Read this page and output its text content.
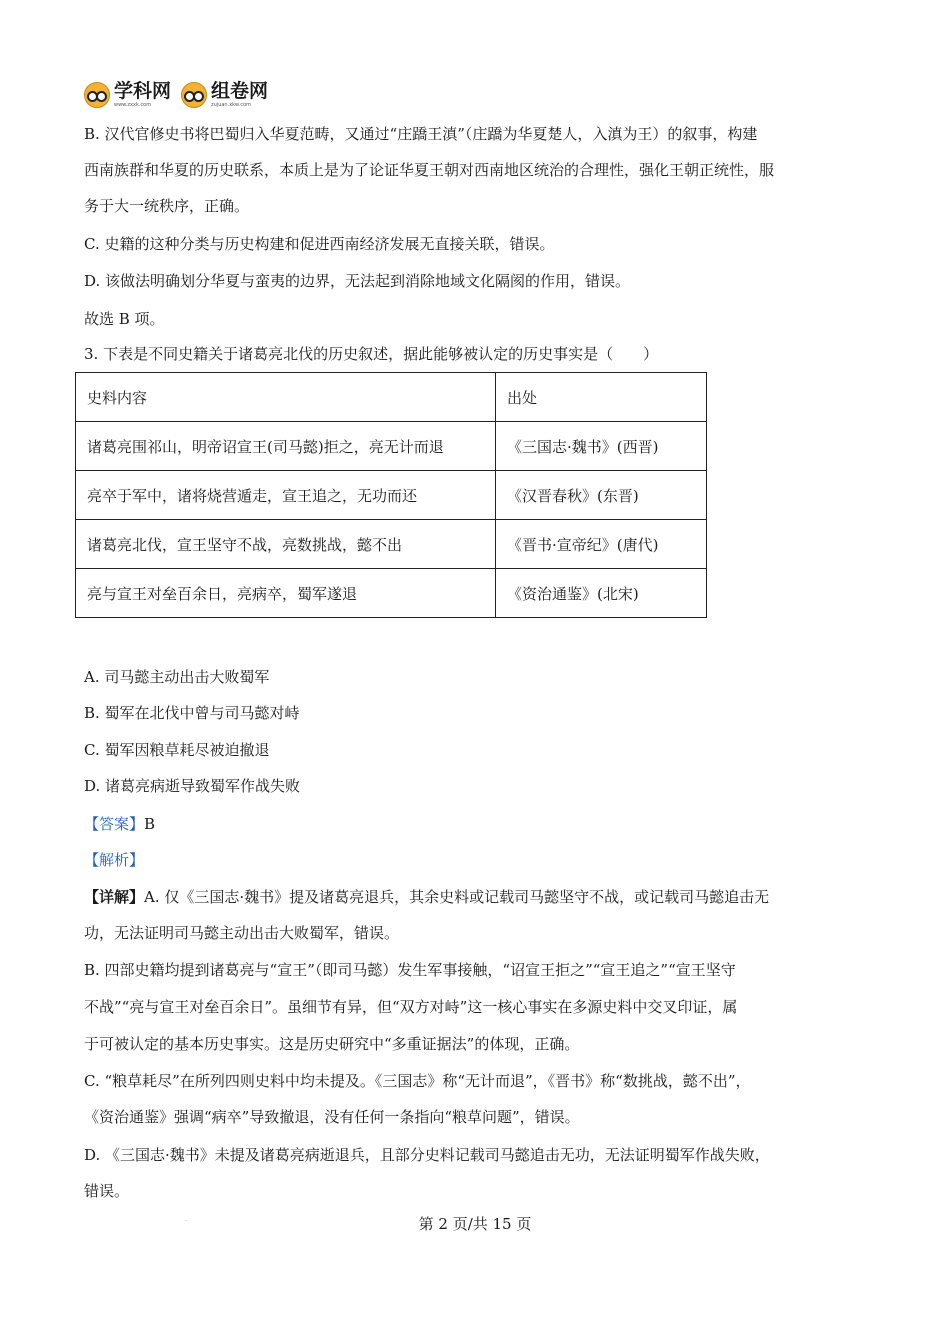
学科网
www.zxxk.com
组卷网
zujuan.xkw.com
B. 汉代官修史书将巴蜀归入华夏范畴，又通过“庄蹻王滇”（庄蹻为华夏楚人，入滇为王）的叙事，构建
西南族群和华夏的历史联系，本质上是为了论证华夏王朝对西南地区统治的合理性，强化王朝正统性，服
务于大一统秩序，正确。
C. 史籍的这种分类与历史构建和促进西南经济发展无直接关联，错误。
D. 该做法明确划分华夏与蛮夷的边界，无法起到消除地域文化隔阂的作用，错误。
故选 B 项。
3. 下表是不同史籍关于诸葛亮北伐的历史叙述，据此能够被认定的历史事实是（　　）
史料内容	出处
诸葛亮围祁山，明帝诏宣王(司马懿)拒之，亮无计而退	《三国志·魏书》(西晋)
亮卒于军中，诸将烧营遁走，宣王追之，无功而还	《汉晋春秋》(东晋)
诸葛亮北伐，宣王坚守不战，亮数挑战，懿不出	《晋书·宣帝纪》(唐代)
亮与宣王对垒百余日，亮病卒，蜀军遂退	《资治通鉴》(北宋)
A. 司马懿主动出击大败蜀军
B. 蜀军在北伐中曾与司马懿对峙
C. 蜀军因粮草耗尽被迫撤退
D. 诸葛亮病逝导致蜀军作战失败
【答案】B
【解析】
【详解】A. 仅《三国志·魏书》提及诸葛亮退兵，其余史料或记载司马懿坚守不战，或记载司马懿追击无
功，无法证明司马懿主动出击大败蜀军，错误。
B. 四部史籍均提到诸葛亮与“宣王”（即司马懿）发生军事接触，“诏宣王拒之”“宣王追之”“宣王坚守
不战”“亮与宣王对垒百余日”。虽细节有异，但“双方对峙”这一核心事实在多源史料中交叉印证，属
于可被认定的基本历史事实。这是历史研究中“多重证据法”的体现，正确。
C. “粮草耗尽”在所列四则史料中均未提及。《三国志》称“无计而退”，《晋书》称“数挑战，懿不出”，
《资治通鉴》强调“病卒”导致撤退，没有任何一条指向“粮草问题”，错误。
D. 《三国志·魏书》未提及诸葛亮病逝退兵，且部分史料记载司马懿追击无功，无法证明蜀军作战失败，
错误。
·	第 2 页/共 15 页
